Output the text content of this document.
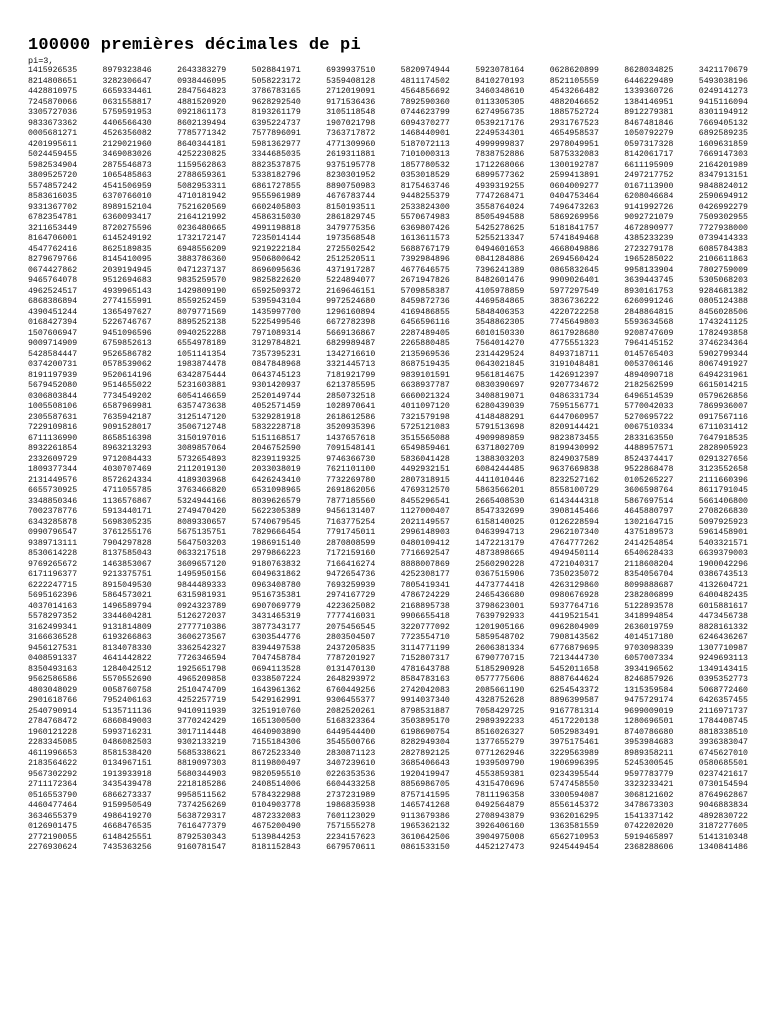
100000 premières décimales de pi
pi=3,
1415926535	8979323846	2643383279	5028841971	6939937510	5820974944	5923078164	0628620899	8628034825	3421170679
8214808651	3282306647	0938446095	5058223172	5359408128	4811174502	8410270193	8521105559	6446229489	5493038196
4428810975	6659334461	2847564823	3786783165	2712019091	4564856692	3460348610	4543266482	1339360726	0249141273
7245870066	0631558817	4881520920	9628292540	9171536436	7892590360	0113305305	4882046652	1384146951	9415116094
3305727036	5759591953	0921861173	8193261179	3105118548	0744623799	6274956735	1885752724	8912279381	8301194912
9833673362	4406566430	8602139494	6395224737	1907021798	6094370277	0539217176	2931767523	8467481846	7669405132
0005681271	4526356082	7785771342	7577896091	7363717872	1468440901	2249534301	4654958537	1050792279	6892589235
4201995611	2129021960	8640344181	5981362977	4771309960	5187072113	4999999837	2978049951	0597317328	1609631859
5024459455	3469083026	4252230825	3344685035	2619311881	7101000313	7838752886	5875332083	8142061717	7669147303
5982534904	2875546873	1159562863	8823537875	9375195778	1857780532	1712268066	1300192787	6611195909	2164201989
3809525720	1065485863	2788659361	5338182796	8230301952	0353018529	6899577362	2599413891	2497217752	8347913151
5574857242	4541506959	5082953311	6861727855	8890750983	8175463746	4939319255	0604009277	0167113900	9848824012
8583616035	6370766010	4710181942	9555961989	4676783744	9448255379	7747268471	0404753464	6208046684	2590694912
9331367702	8989152104	7521620569	6602405803	8150193511	2533824300	3558764024	7496473263	9141992726	0426992279
6782354781	6360093417	2164121992	4586315030	2861829745	5570674983	8505494588	5869269956	9092721079	7509302955
3211653449	8720275596	0236480665	4991198818	3479775356	6369807426	5425278625	5181841757	4672890977	7727938000
8164706001	6145249192	1732172147	7235014144	1973568548	1613611573	5255213347	5741849468	4385233239	0739414333
4547762416	8625189835	6948556209	9219222184	2725502542	5688767179	0494601653	4668049886	2723279178	6085784383
8279679766	8145410095	3883786360	9506800642	2512520511	7392984896	0841284886	2694560424	1965285022	2106611863
0674427862	2039194945	0471237137	8696095636	4371917287	4677646575	7396241389	0865832645	9958133904	7802759009
9465764078	9512694683	9835259570	9825822620	5224894077	2671947826	8482601476	9909026401	3639443745	5305068203
4962524517	4939965143	1429809190	6592509372	2169646151	5709858387	4105978859	5977297549	8930161753	9284681382
6868386894	2774155991	8559252459	5395943104	9972524680	8459872736	4469584865	3836736222	6260991246	0805124388
4390451244	1365497627	8079771569	1435997700	1296160894	4169486855	5848406353	4220722258	2848864815	8456028506
0168427394	5226746767	8895252138	5225499546	6672782398	6456596116	3548862305	7745649803	5593634568	1743241125
1507606947	9451096596	0940252288	7971089314	5669136867	2287489405	6010150330	8617928680	9208747609	1782493858
9009714909	6759852613	6554978189	3129784821	6829989487	2265880485	7564014270	4775551323	7964145152	3746234364
5428584447	9526586782	1051141354	7357395231	1342716610	2135969536	2314429524	8493718711	0145765403	5902799344
0374200731	0578539062	1983874478	0847848968	3321445713	8687519435	0643021845	3191048481	0053706146	8067491927
8191197939	9520614196	6342875444	0643745123	7181921799	9839101591	9561814675	1426912397	4894090718	6494231961
5679452080	9514655022	5231603881	9301420937	6213785595	6638937787	0830390697	9207734672	2182562599	6615014215
0306803844	7734549202	6054146659	2520149744	2850732518	6660021324	3408819071	0486331734	6496514539	0579626856
1005508106	6587969981	6357473638	4052571459	1028970641	4011097120	6280439039	7595156771	5770042033	7869936007
2305587631	7635942187	3125147120	5329281918	2618612586	7321579198	4148488291	6447060957	5270695722	0917567116
7229109816	9091528017	3506712748	5832228718	3520935396	5725121083	5791513698	8209144421	0067510334	6711031412
6711136990	8658516398	3150197016	5151168517	1437657618	3515565088	4909989859	9823873455	2833163550	7647918535
8932261854	8963213293	3089857064	2046752590	7091548141	6549859461	6371802709	8199430992	4488957571	2828905923
2332609729	9712084433	5732654893	8239119325	9746366730	5836041428	1388303203	8249037589	8524374417	0291327656
1809377344	4030707469	2112019130	2033038019	7621101100	4492932151	6084244485	9637669838	9522868478	3123552658
2131449576	8572624334	4189303968	6426243410	7732269780	2807318915	4411010446	8232527162	0105265227	2111660396
6655730925	4711055785	3763466820	6531098965	2691862056	4769312570	5863566201	8558100729	3606598764	8611791045
3348850346	1136576867	5324944166	8039626579	7877185560	8455296541	2665408530	6143444318	5867697514	5661406800
7002378776	5913440171	2749470420	5622305389	9456131407	1127000407	8547332699	3908145466	4645880797	2708266830
6343285878	5698305235	8089330657	5740679545	7163775254	2021149557	6158140025	0126228594	1302164715	5097925923
0990796547	3761255176	5675135751	7829666454	7791745011	2996148903	0463994713	2962107340	4375189573	5961458901
9389713111	7904297828	5647503203	1986915140	2870808599	0480109412	1472213179	4764777262	2414254854	5403321571
8530614228	8137585043	0633217518	2979866223	7172159160	7716692547	4873898665	4949450114	6540628433	6639379003
9769265672	1463853067	3609657120	9180763832	7166416274	8888007869	2560290228	4721040317	2118608204	1900042296
6171196377	9213375751	1495950156	6049631862	9472654736	4252308177	0367515906	7350235072	8354056704	0386743513
6222247715	8915049530	9844489333	0963408780	7693259939	7805419341	4473774418	4263129860	8099888687	4132604721
5695162396	5864573021	6315981931	9516735381	2974167729	4786724229	2465436680	0980676928	2382806899	6400482435
4037014163	1496589794	0924323789	6907069779	4223625082	2168895738	3798623001	5937764716	5122893578	6015881617
5578297352	3344604281	5126272037	3431465319	7777416031	9906655418	7639792933	4419521541	3418994854	4473456738
3162499341	9131814809	2777710386	3877343177	2075456545	3220777092	1201905166	0962804909	2636019759	8828161332
3166636528	6193266863	3606273567	6303544776	2803504507	7723554710	5859548702	7908143562	4014517180	6246436267
9456127531	8134078330	3362542327	8394497538	2437205835	3114771199	2606381334	6776879695	9703098339	1307710987
0408591337	4641442822	7726346594	7047458784	7787201927	7152807317	6790770715	7213444730	6057007334	9249693113
8350493163	1284042512	1925651798	0694113528	0131470130	4781643788	5185290928	5452011658	3934196562	1349143415
9562586586	5570552690	4965209858	0338507224	2648293972	8584783163	0577775606	8887644624	8246857926	0395352773
4803048029	0058760758	2510474709	1643961362	6760449256	2742042083	2085661190	6254543372	1315359584	5068772460
2901618766	7952406163	4252257719	5429162991	9306455377	9914037340	4328752628	8896399587	9475729174	6426357455
2540790914	5135711136	9410911939	3251910760	2082520261	8798531887	7058429725	9167781314	9699009019	2116971737
2784768472	6860849003	3770242429	1651300500	5168323364	3503895170	2989392233	4517220138	1280696501	1784408745
1960121228	5993716231	3017114448	4640903890	6449544400	6198690754	8516026327	5052983491	8740786680	8818338510
2283345085	0486082503	9302133219	7155184306	3545500766	8282949304	1377655279	3975175461	3953984683	3936383047
4611996653	8581538420	5685338621	8672523340	2830871123	2827892125	0771262946	3229563989	8989358211	6745627010
2183564622	0134967151	8819097303	8119800497	3407239610	3685406643	1939509790	1906996395	5245300545	0580685501
9567302292	1913933918	5680344903	9820595510	0226353536	1920419947	4553859381	0234395544	9597783779	0237421617
2711172364	3435439478	2218185286	2408514006	6604433258	8856986705	4315470696	5747458550	3323233421	0730154594
0516553790	6866273337	9958511562	5784322988	2737231989	8757141595	7811196358	3300594087	3068121602	8764962867
4460477464	9159950549	7374256269	0104903778	1986835938	1465741268	0492564879	8556145372	3478673303	9046883834
3634655379	4986419270	5638729317	4872332083	7601123029	9113679386	2708943879	9362016295	1541337142	4892830722
0126901475	4668476535	7616477379	4675200490	7571555278	1965362132	3926406160	1363581559	0742202020	3187277605
2772190055	6148425551	8792530343	5139844253	2234157623	3610642506	3904975008	6562710953	5919465897	5141310348
2276930624	7435363256	9160781547	8181152843	6679570611	0861533150	4452127473	9245449454	2368288606	1340841486
